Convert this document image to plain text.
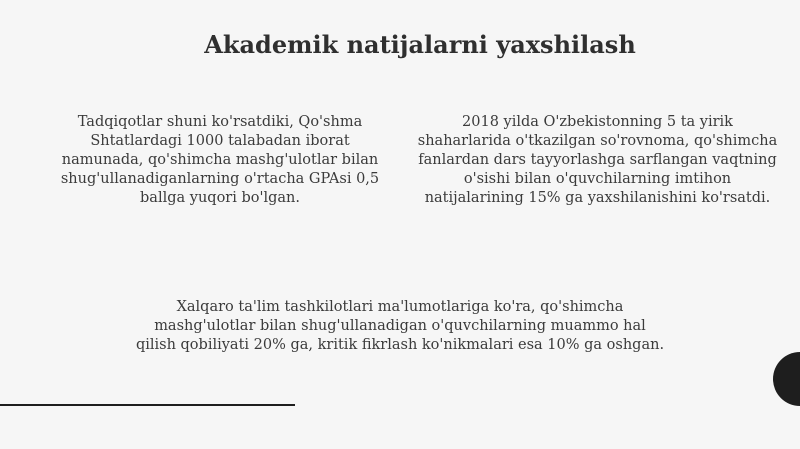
Akademik natijalarni yaxshilash

Tadqiqotlar shuni ko'rsatdiki, Qo'shma
Shtatlardagi 1000 talabadan iborat
namunada, qo'shimcha mashg'ulotlar bilan
shug'ullanadiganlarning o'rtacha GPAsi 0,5
ballga yuqori bo'lgan.

2018 yilda O'zbekistonning 5 ta yirik
shaharlarida o'tkazilgan so'rovnoma, qo'shimcha
fanlardan dars tayyorlashga sarflangan vaqtning
o'sishi bilan o'quvchilarning imtihon
natijalarining 15% ga yaxshilanishini ko'rsatdi.

Xalqaro ta'lim tashkilotlari ma'lumotlariga ko'ra, qo'shimcha
mashg'ulotlar bilan shug'ullanadigan o'quvchilarning muammo hal
qilish qobiliyati 20% ga, kritik fikrlash ko'nikmalari esa 10% ga oshgan.
